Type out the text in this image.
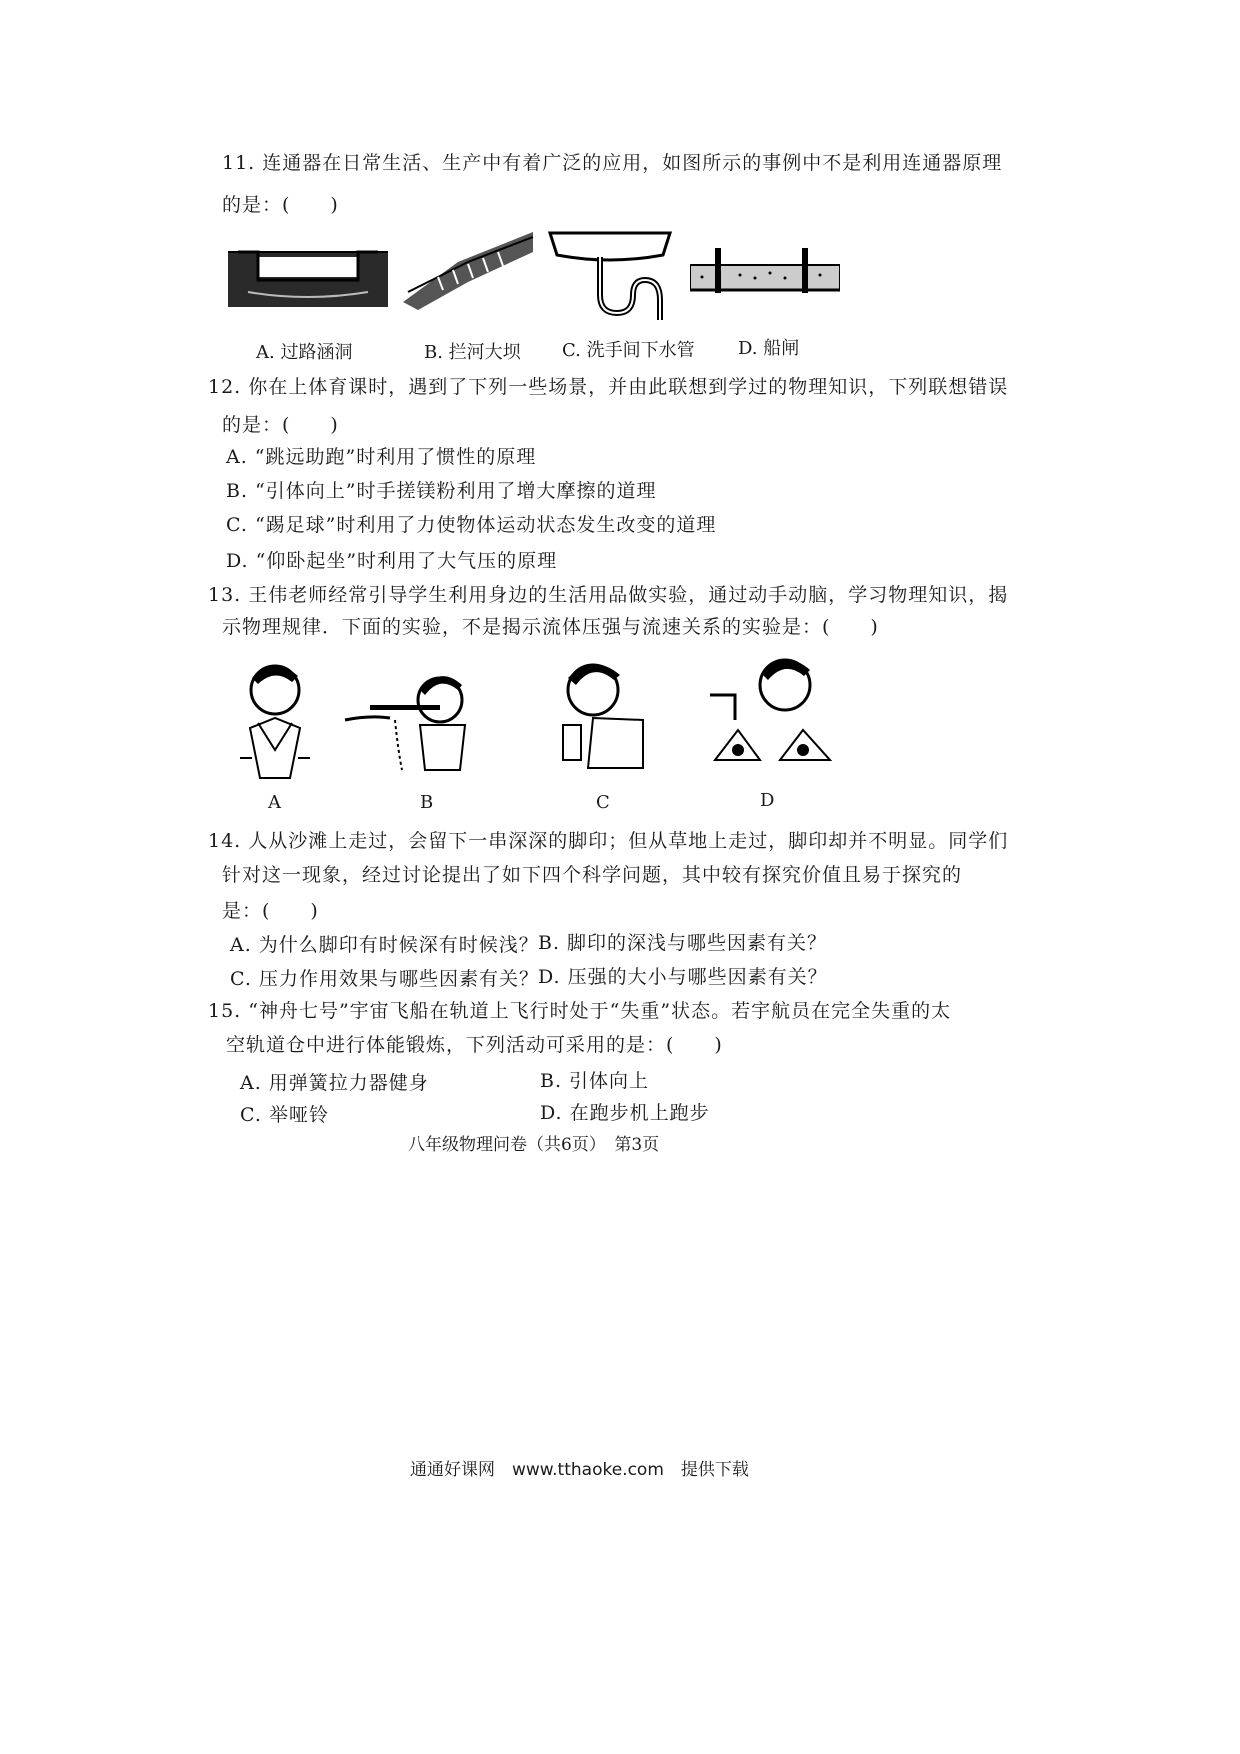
11. 连通器在日常生活、生产中有着广泛的应用，如图所示的事例中不是利用连通器原理
的是：(　　)
A. 过路涵洞	B. 拦河大坝 C. 洗手间下水管 D. 船闸
12. 你在上体育课时，遇到了下列一些场景，并由此联想到学过的物理知识，下列联想错误
的是：(　　)
A. “跳远助跑”时利用了惯性的原理
B. “引体向上”时手搓镁粉利用了增大摩擦的道理
C. “踢足球”时利用了力使物体运动状态发生改变的道理
D. “仰卧起坐”时利用了大气压的原理
13. 王伟老师经常引导学生利用身边的生活用品做实验，通过动手动脑，学习物理知识，揭
示物理规律．下面的实验，不是揭示流体压强与流速关系的实验是：(　　)
A	B	C	D
14. 人从沙滩上走过，会留下一串深深的脚印；但从草地上走过，脚印却并不明显。同学们
针对这一现象，经过讨论提出了如下四个科学问题，其中较有探究价值且易于探究的
是：(　　)
A. 为什么脚印有时候深有时候浅？ B. 脚印的深浅与哪些因素有关？
C. 压力作用效果与哪些因素有关？ D. 压强的大小与哪些因素有关？
15. “神舟七号”宇宙飞船在轨道上飞行时处于“失重”状态。若宇航员在完全失重的太
空轨道仓中进行体能锻炼，下列活动可采用的是：(　　)
A. 用弹簧拉力器健身	B. 引体向上
C. 举哑铃	D. 在跑步机上跑步
八年级物理问卷（共6页）　第3页
通通好课网　www.tthaoke.com　提供下载
